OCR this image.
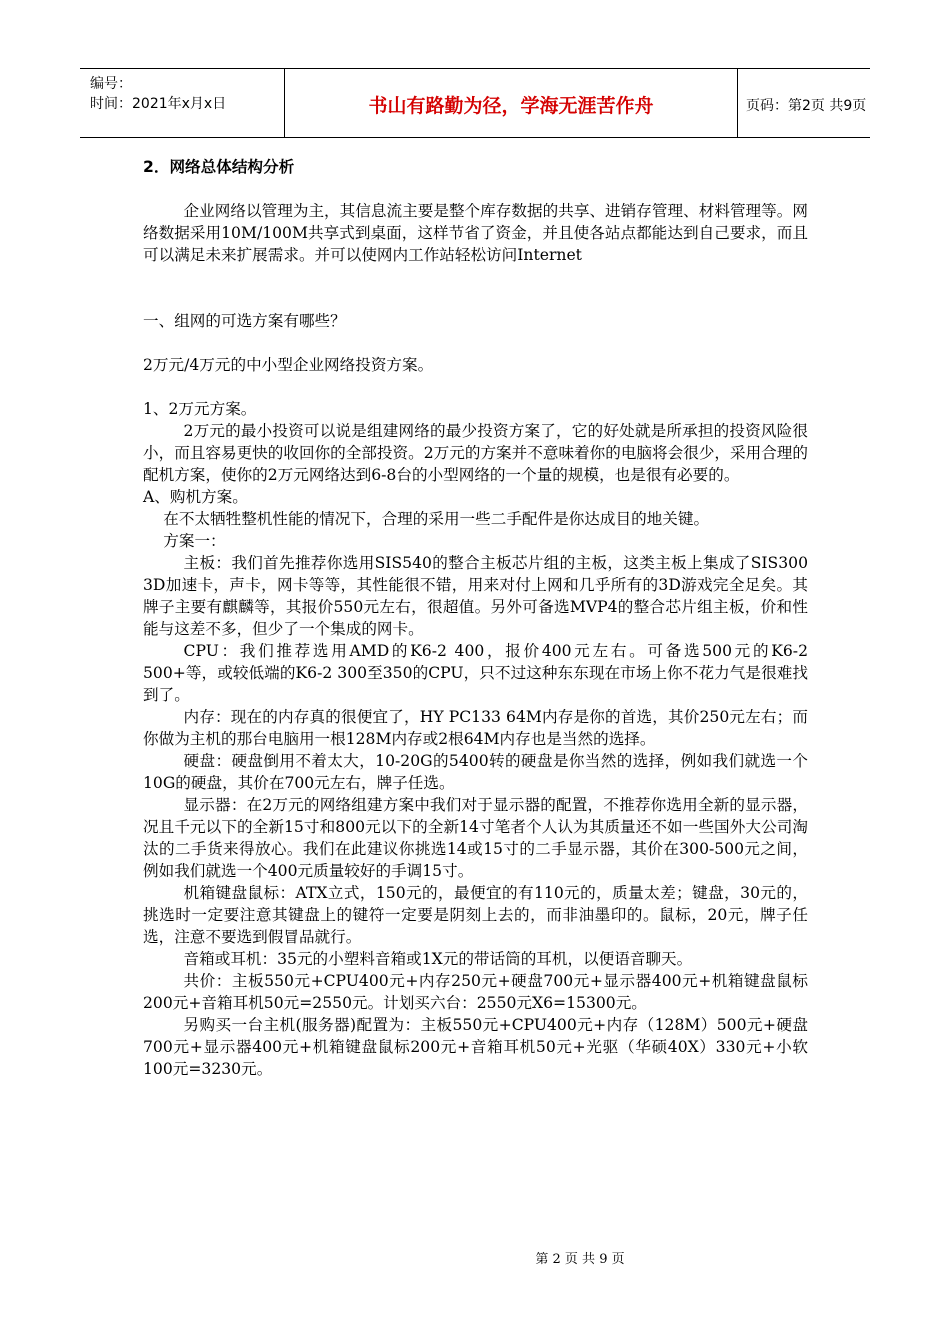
编号：
时间：2021年x月x日	书山有路勤为径，学海无涯苦作舟	页码：第2页 共9页
2．网络总体结构分析

企业网络以管理为主，其信息流主要是整个库存数据的共享、进销存管理、材料管理等。网络数据采用10M/100M共享式到桌面，这样节省了资金，并且使各站点都能达到自己要求，而且可以满足未来扩展需求。并可以使网内工作站轻松访问Internet

一、组网的可选方案有哪些？

2万元/4万元的中小型企业网络投资方案。

1、2万元方案。

2万元的最小投资可以说是组建网络的最少投资方案了，它的好处就是所承担的投资风险很小，而且容易更快的收回你的全部投资。2万元的方案并不意味着你的电脑将会很少，采用合理的配机方案，使你的2万元网络达到6-8台的小型网络的一个量的规模，也是很有必要的。

A、购机方案。

在不太牺牲整机性能的情况下，合理的采用一些二手配件是你达成目的地关键。

方案一：

主板：我们首先推荐你选用SIS540的整合主板芯片组的主板，这类主板上集成了SIS300 3D加速卡，声卡，网卡等等，其性能很不错，用来对付上网和几乎所有的3D游戏完全足矣。其牌子主要有麒麟等，其报价550元左右，很超值。另外可备选MVP4的整合芯片组主板，价和性能与这差不多，但少了一个集成的网卡。

CPU：我们推荐选用AMD的K6-2 400，报价400元左右。可备选500元的K6-2 500+等，或较低端的K6-2 300至350的CPU，只不过这种东东现在市场上你不花力气是很难找到了。

内存：现在的内存真的很便宜了，HY PC133 64M内存是你的首选，其价250元左右；而你做为主机的那台电脑用一根128M内存或2根64M内存也是当然的选择。

硬盘：硬盘倒用不着太大，10-20G的5400转的硬盘是你当然的选择，例如我们就选一个10G的硬盘，其价在700元左右，牌子任选。

显示器：在2万元的网络组建方案中我们对于显示器的配置，不推荐你选用全新的显示器，况且千元以下的全新15寸和800元以下的全新14寸笔者个人认为其质量还不如一些国外大公司淘汰的二手货来得放心。我们在此建议你挑选14或15寸的二手显示器，其价在300-500元之间，例如我们就选一个400元质量较好的手调15寸。

机箱键盘鼠标：ATX立式，150元的，最便宜的有110元的，质量太差；键盘，30元的，挑选时一定要注意其键盘上的键符一定要是阴刻上去的，而非油墨印的。鼠标，20元，牌子任选，注意不要选到假冒品就行。

音箱或耳机：35元的小塑料音箱或1X元的带话筒的耳机，以便语音聊天。

共价：主板550元+CPU400元+内存250元+硬盘700元+显示器400元+机箱键盘鼠标200元+音箱耳机50元=2550元。计划买六台：2550元X6=15300元。

另购买一台主机(服务器)配置为：主板550元+CPU400元+内存（128M）500元+硬盘700元+显示器400元+机箱键盘鼠标200元+音箱耳机50元+光驱（华硕40X）330元+小软100元=3230元。

第 2 页 共 9 页
